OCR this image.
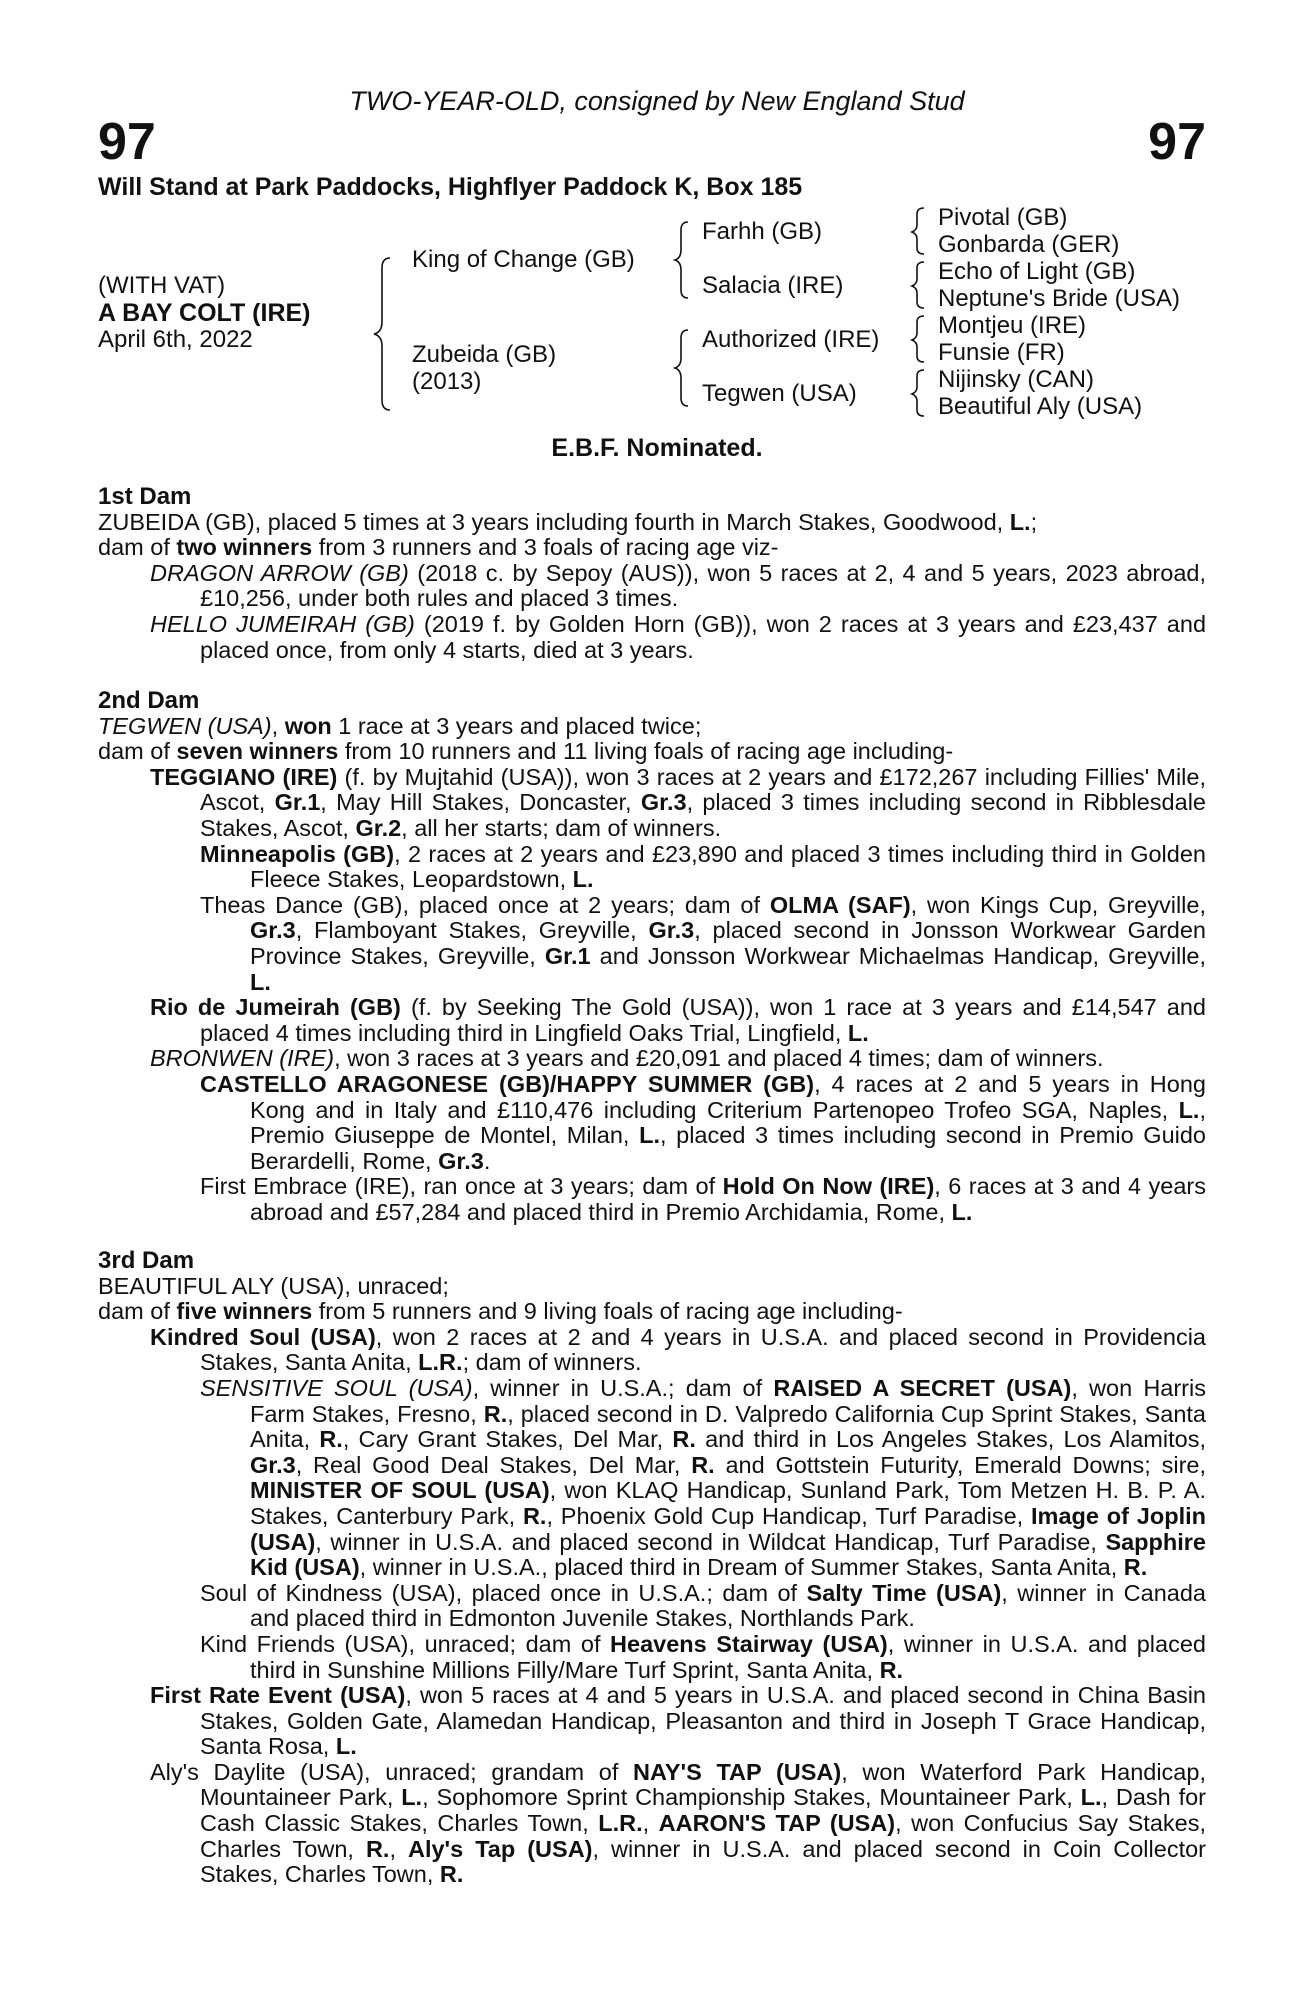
TWO-YEAR-OLD, consigned by New England Stud
97	97
Will Stand at Park Paddocks, Highflyer Paddock K, Box 185
(WITH VAT)
A BAY COLT (IRE)
April 6th, 2022
King of Change (GB)
Zubeida (GB)
(2013)
Farhh (GB)
Salacia (IRE)
Authorized (IRE)
Tegwen (USA)
Pivotal (GB)
Gonbarda (GER)
Echo of Light (GB)
Neptune's Bride (USA)
Montjeu (IRE)
Funsie (FR)
Nijinsky (CAN)
Beautiful Aly (USA)
E.B.F. Nominated.
1st Dam
ZUBEIDA (GB), placed 5 times at 3 years including fourth in March Stakes, Goodwood, L.;
dam of two winners from 3 runners and 3 foals of racing age viz-

DRAGON ARROW (GB) (2018 c. by Sepoy (AUS)), won 5 races at 2, 4 and 5 years, 2023 abroad, £10,256, under both rules and placed 3 times.

HELLO JUMEIRAH (GB) (2019 f. by Golden Horn (GB)), won 2 races at 3 years and £23,437 and placed once, from only 4 starts, died at 3 years.

2nd Dam
TEGWEN (USA), won 1 race at 3 years and placed twice;
dam of seven winners from 10 runners and 11 living foals of racing age including-

TEGGIANO (IRE) (f. by Mujtahid (USA)), won 3 races at 2 years and £172,267 including Fillies' Mile, Ascot, Gr.1, May Hill Stakes, Doncaster, Gr.3, placed 3 times including second in Ribblesdale Stakes, Ascot, Gr.2, all her starts; dam of winners.

Minneapolis (GB), 2 races at 2 years and £23,890 and placed 3 times including third in Golden Fleece Stakes, Leopardstown, L.

Theas Dance (GB), placed once at 2 years; dam of OLMA (SAF), won Kings Cup, Greyville, Gr.3, Flamboyant Stakes, Greyville, Gr.3, placed second in Jonsson Workwear Garden Province Stakes, Greyville, Gr.1 and Jonsson Workwear Michaelmas Handicap, Greyville, L.

Rio de Jumeirah (GB) (f. by Seeking The Gold (USA)), won 1 race at 3 years and £14,547 and placed 4 times including third in Lingfield Oaks Trial, Lingfield, L.

BRONWEN (IRE), won 3 races at 3 years and £20,091 and placed 4 times; dam of winners.

CASTELLO ARAGONESE (GB)/HAPPY SUMMER (GB), 4 races at 2 and 5 years in Hong Kong and in Italy and £110,476 including Criterium Partenopeo Trofeo SGA, Naples, L., Premio Giuseppe de Montel, Milan, L., placed 3 times including second in Premio Guido Berardelli, Rome, Gr.3.

First Embrace (IRE), ran once at 3 years; dam of Hold On Now (IRE), 6 races at 3 and 4 years abroad and £57,284 and placed third in Premio Archidamia, Rome, L.

3rd Dam
BEAUTIFUL ALY (USA), unraced;
dam of five winners from 5 runners and 9 living foals of racing age including-

Kindred Soul (USA), won 2 races at 2 and 4 years in U.S.A. and placed second in Providencia Stakes, Santa Anita, L.R.; dam of winners.

SENSITIVE SOUL (USA), winner in U.S.A.; dam of RAISED A SECRET (USA), won Harris Farm Stakes, Fresno, R., placed second in D. Valpredo California Cup Sprint Stakes, Santa Anita, R., Cary Grant Stakes, Del Mar, R. and third in Los Angeles Stakes, Los Alamitos, Gr.3, Real Good Deal Stakes, Del Mar, R. and Gottstein Futurity, Emerald Downs; sire, MINISTER OF SOUL (USA), won KLAQ Handicap, Sunland Park, Tom Metzen H. B. P. A. Stakes, Canterbury Park, R., Phoenix Gold Cup Handicap, Turf Paradise, Image of Joplin (USA), winner in U.S.A. and placed second in Wildcat Handicap, Turf Paradise, Sapphire Kid (USA), winner in U.S.A., placed third in Dream of Summer Stakes, Santa Anita, R.

Soul of Kindness (USA), placed once in U.S.A.; dam of Salty Time (USA), winner in Canada and placed third in Edmonton Juvenile Stakes, Northlands Park.

Kind Friends (USA), unraced; dam of Heavens Stairway (USA), winner in U.S.A. and placed third in Sunshine Millions Filly/Mare Turf Sprint, Santa Anita, R.

First Rate Event (USA), won 5 races at 4 and 5 years in U.S.A. and placed second in China Basin Stakes, Golden Gate, Alamedan Handicap, Pleasanton and third in Joseph T Grace Handicap, Santa Rosa, L.

Aly's Daylite (USA), unraced; grandam of NAY'S TAP (USA), won Waterford Park Handicap, Mountaineer Park, L., Sophomore Sprint Championship Stakes, Mountaineer Park, L., Dash for Cash Classic Stakes, Charles Town, L.R., AARON'S TAP (USA), won Confucius Say Stakes, Charles Town, R., Aly's Tap (USA), winner in U.S.A. and placed second in Coin Collector Stakes, Charles Town, R.
